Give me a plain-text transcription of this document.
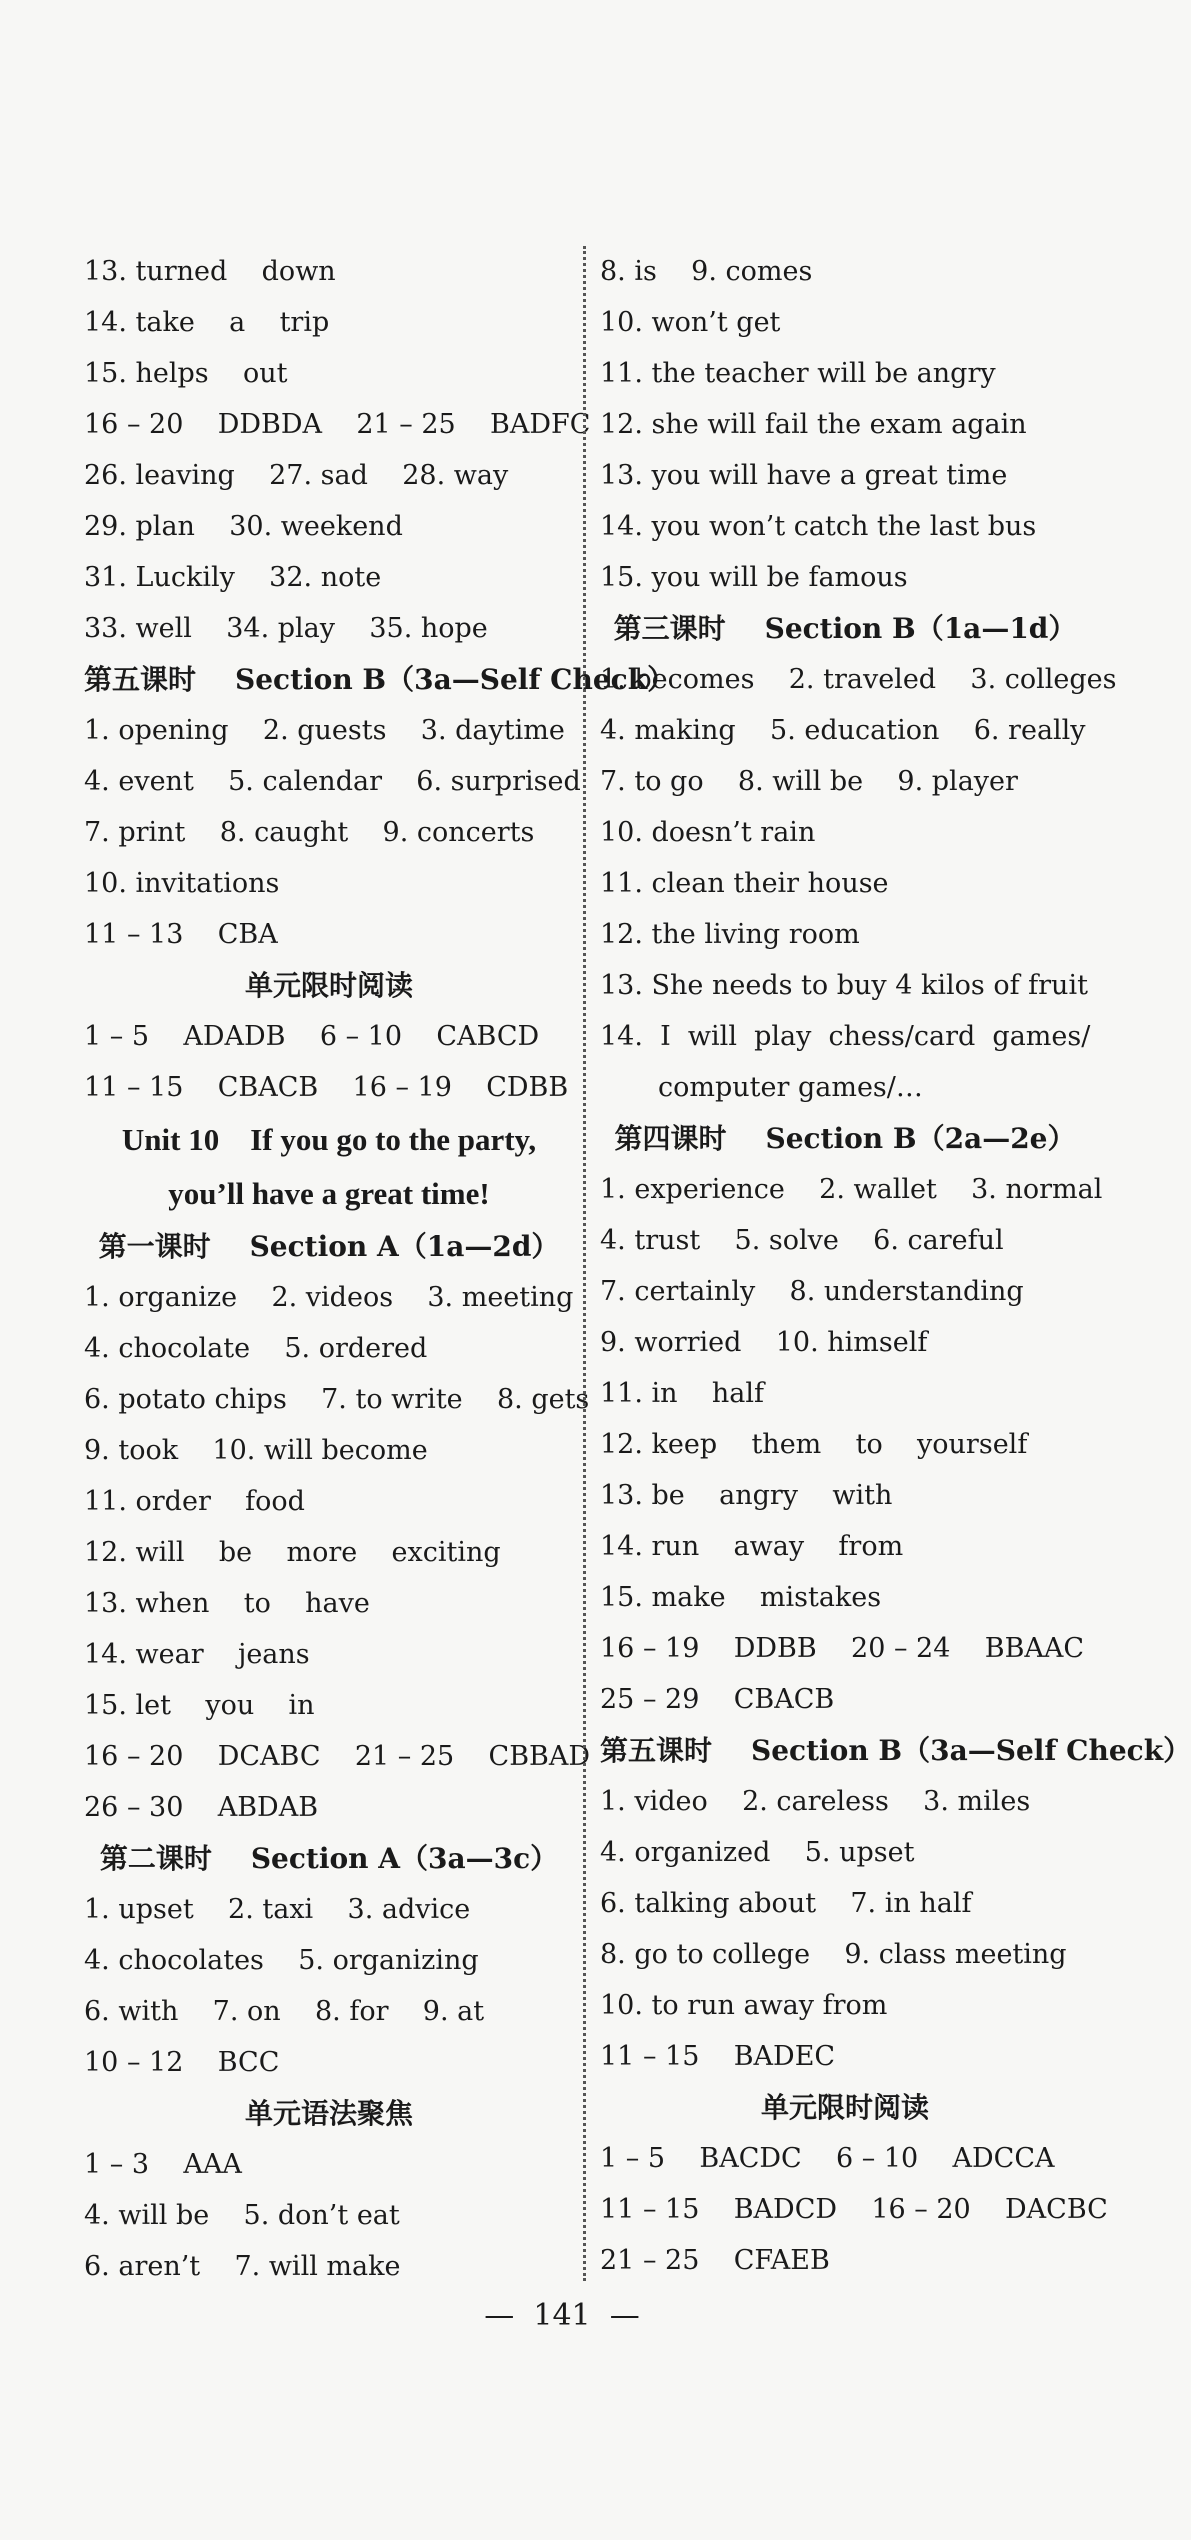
13. turned    down
14. take    a    trip
15. helps    out
16 – 20    DDBDA    21 – 25    BADFC
26. leaving    27. sad    28. way
29. plan    30. weekend
31. Luckily    32. note
33. well    34. play    35. hope
第五课时    Section B（3a—Self Check）
1. opening    2. guests    3. daytime
4. event    5. calendar    6. surprised
7. print    8. caught    9. concerts
10. invitations
11 – 13    CBA
单元限时阅读
1 – 5    ADADB    6 – 10    CABCD
11 – 15    CBACB    16 – 19    CDBB
Unit 10    If you go to the party,
you’ll have a great time!
第一课时    Section A（1a—2d）
1. organize    2. videos    3. meeting
4. chocolate    5. ordered
6. potato chips    7. to write    8. gets
9. took    10. will become
11. order    food
12. will    be    more    exciting
13. when    to    have
14. wear    jeans
15. let    you    in
16 – 20    DCABC    21 – 25    CBBAD
26 – 30    ABDAB
第二课时    Section A（3a—3c）
1. upset    2. taxi    3. advice
4. chocolates    5. organizing
6. with    7. on    8. for    9. at
10 – 12    BCC
单元语法聚焦
1 – 3    AAA
4. will be    5. don’t eat
6. aren’t    7. will make
8. is    9. comes
10. won’t get
11. the teacher will be angry
12. she will fail the exam again
13. you will have a great time
14. you won’t catch the last bus
15. you will be famous
第三课时    Section B（1a—1d）
1. becomes    2. traveled    3. colleges
4. making    5. education    6. really
7. to go    8. will be    9. player
10. doesn’t rain
11. clean their house
12. the living room
13. She needs to buy 4 kilos of fruit
14.  I  will  play  chess/card  games/
computer games/…
第四课时    Section B（2a—2e）
1. experience    2. wallet    3. normal
4. trust    5. solve    6. careful
7. certainly    8. understanding
9. worried    10. himself
11. in    half
12. keep    them    to    yourself
13. be    angry    with
14. run    away    from
15. make    mistakes
16 – 19    DDBB    20 – 24    BBAAC
25 – 29    CBACB
第五课时    Section B（3a—Self Check）
1. video    2. careless    3. miles
4. organized    5. upset
6. talking about    7. in half
8. go to college    9. class meeting
10. to run away from
11 – 15    BADEC
单元限时阅读
1 – 5    BACDC    6 – 10    ADCCA
11 – 15    BADCD    16 – 20    DACBC
21 – 25    CFAEB
—  141  —
